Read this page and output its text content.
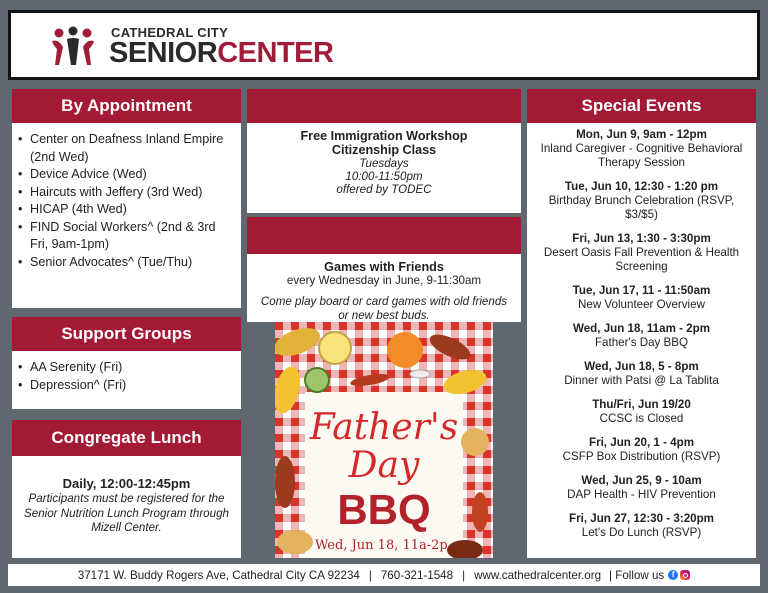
CATHEDRAL CITY
SENIORCENTER
By Appointment
• Center on Deafness Inland Empire (2nd Wed)
• Device Advice (Wed)
• Haircuts with Jeffery (3rd Wed)
• HICAP (4th Wed)
• FIND Social Workers^ (2nd & 3rd Fri, 9am-1pm)
• Senior Advocates^ (Tue/Thu)
Support Groups
• AA Serenity (Fri)
• Depression^ (Fri)
Congregate Lunch
Daily, 12:00-12:45pm
Participants must be registered for the Senior Nutrition Lunch Program through Mizell Center.
Free Immigration Workshop
Citizenship Class
Tuesdays
10:00-11:50pm
offered by TODEC
Games with Friends
every Wednesday in June, 9-11:30am
Come play board or card games with old friends or new best buds.
Father's
Day
BBQ
Wed, Jun 18, 11a-2p
Special Events
Mon, Jun 9, 9am - 12pm
Inland Caregiver - Cognitive Behavioral Therapy Session
Tue, Jun 10, 12:30 - 1:20 pm
Birthday Brunch Celebration (RSVP, $3/$5)
Fri, Jun 13, 1:30 - 3:30pm
Desert Oasis Fall Prevention & Health Screening
Tue, Jun 17, 11 - 11:50am
New Volunteer Overview
Wed, Jun 18, 11am - 2pm
Father's Day BBQ
Wed, Jun 18, 5 - 8pm
Dinner with Patsi @ La Tablita
Thu/Fri, Jun 19/20
CCSC is Closed
Fri, Jun 20, 1 - 4pm
CSFP Box Distribution (RSVP)
Wed, Jun 25, 9 - 10am
DAP Health - HIV Prevention
Fri, Jun 27, 12:30 - 3:20pm
Let's Do Lunch (RSVP)
37171 W. Buddy Rogers Ave, Cathedral City CA 92234 | 760-321-1548 | www.cathedralcenter.org | Follow us f
